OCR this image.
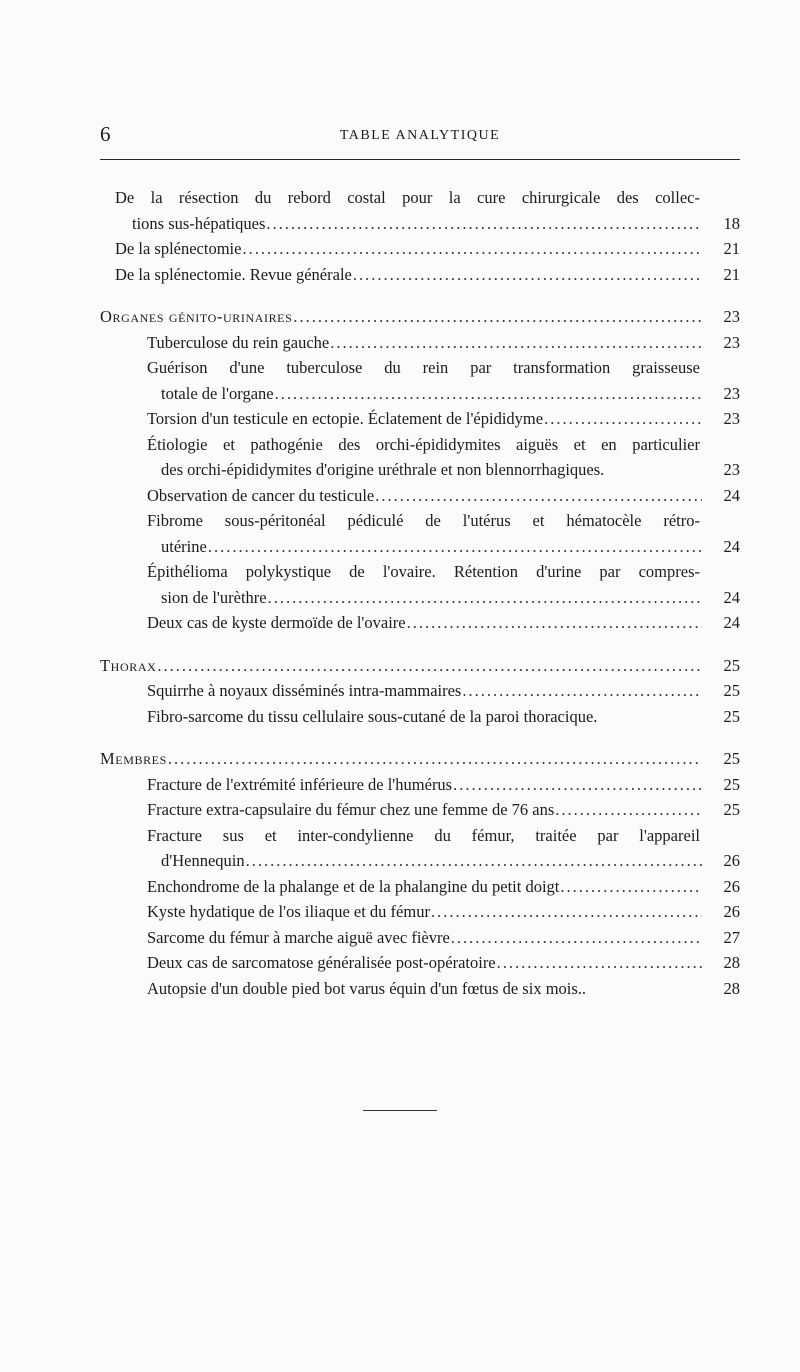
6	TABLE ANALYTIQUE
De la résection du rebord costal pour la cure chirurgicale des collec-
tions sus-hépatiques .....	18
De la splénectomie .....	21
De la splénectomie. Revue générale .....	21
Organes génito-urinaires .....	23
Tuberculose du rein gauche .....	23
Guérison d'une tuberculose du rein par transformation graisseuse
totale de l'organe .....	23
Torsion d'un testicule en ectopie. Éclatement de l'épididyme .....	23
Étiologie et pathogénie des orchi-épididymites aiguës et en particulier
des orchi-épididymites d'origine uréthrale et non blennorrhagiques.	23
Observation de cancer du testicule .....	24
Fibrome sous-péritonéal pédiculé de l'utérus et hématocèle rétro-
utérine .....	24
Épithélioma polykystique de l'ovaire. Rétention d'urine par compres-
sion de l'urèthre .....	24
Deux cas de kyste dermoïde de l'ovaire .....	24
Thorax .....	25
Squirrhe à noyaux disséminés intra-mammaires .....	25
Fibro-sarcome du tissu cellulaire sous-cutané de la paroi thoracique.	25
Membres .....	25
Fracture de l'extrémité inférieure de l'humérus .....	25
Fracture extra-capsulaire du fémur chez une femme de 76 ans .....	25
Fracture sus et inter-condylienne du fémur, traitée par l'appareil
d'Hennequin .....	26
Enchondrome de la phalange et de la phalangine du petit doigt .....	26
Kyste hydatique de l'os iliaque et du fémur .....	26
Sarcome du fémur à marche aiguë avec fièvre .....	27
Deux cas de sarcomatose généralisée post-opératoire .....	28
Autopsie d'un double pied bot varus équin d'un fœtus de six mois..	28
